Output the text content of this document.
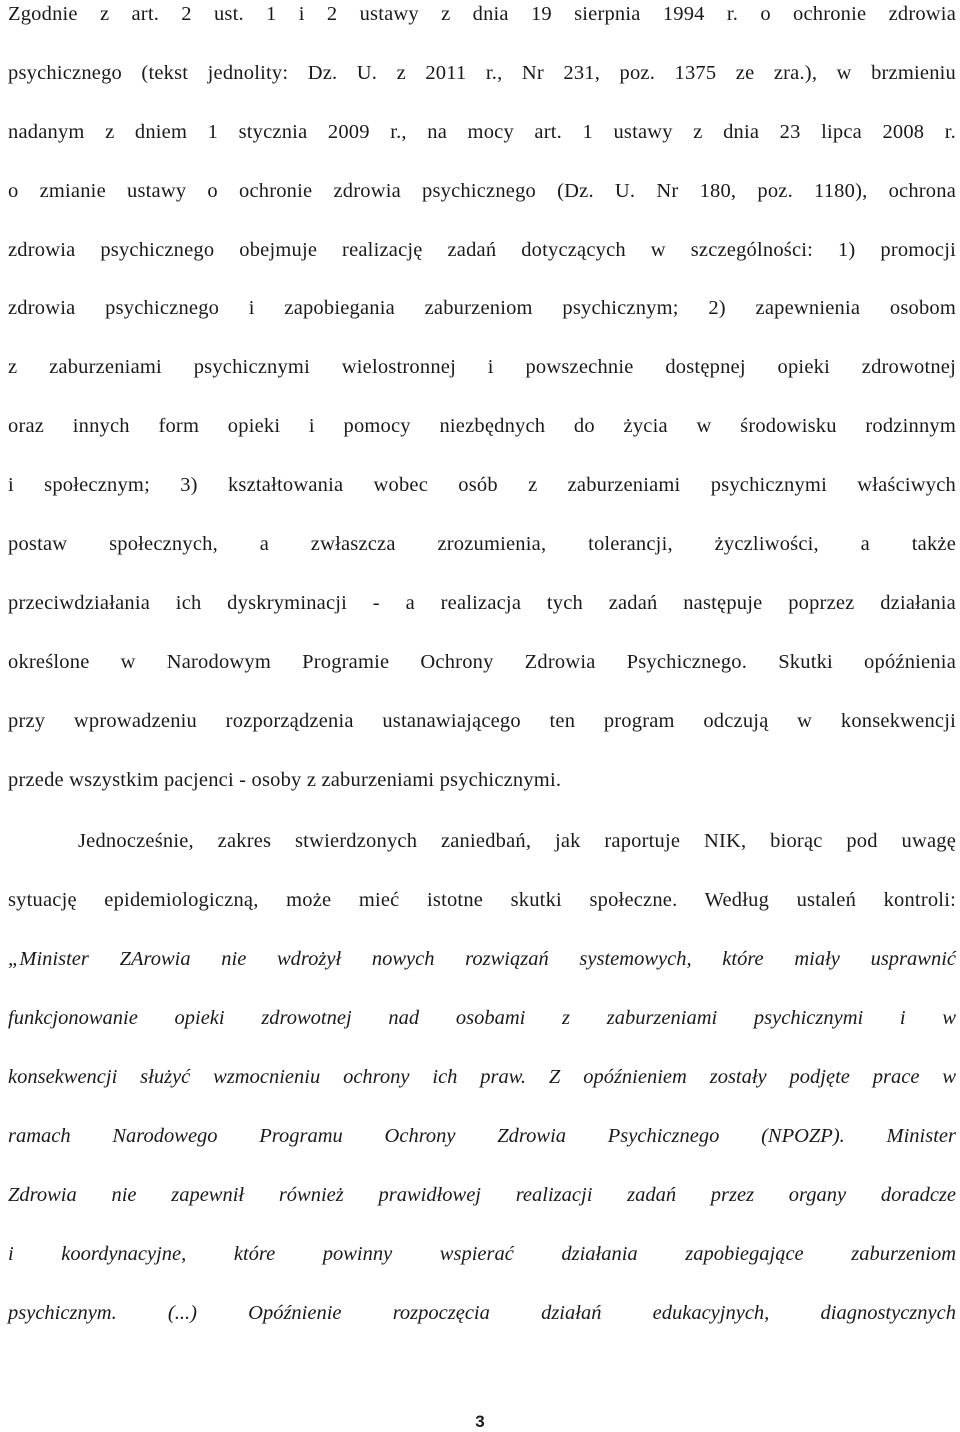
Zgodnie z art. 2 ust. 1 i 2 ustawy z dnia 19 sierpnia 1994 r. o ochronie zdrowia
psychicznego (tekst jednolity: Dz. U. z 2011 r., Nr 231, poz. 1375 ze zra.), w brzmieniu
nadanym z dniem 1 stycznia 2009 r., na mocy art. 1 ustawy z dnia 23 lipca 2008 r.
o zmianie ustawy o ochronie zdrowia psychicznego (Dz. U. Nr 180, poz. 1180), ochrona
zdrowia psychicznego obejmuje realizację zadań dotyczących w szczególności: 1) promocji
zdrowia psychicznego i zapobiegania zaburzeniom psychicznym; 2) zapewnienia osobom
z zaburzeniami psychicznymi wielostronnej i powszechnie dostępnej opieki zdrowotnej
oraz innych form opieki i pomocy niezbędnych do życia w środowisku rodzinnym
i społecznym; 3) kształtowania wobec osób z zaburzeniami psychicznymi właściwych
postaw społecznych, a zwłaszcza zrozumienia, tolerancji, życzliwości, a także
przeciwdziałania ich dyskryminacji - a realizacja tych zadań następuje poprzez działania
określone w Narodowym Programie Ochrony Zdrowia Psychicznego. Skutki opóźnienia
przy wprowadzeniu rozporządzenia ustanawiającego ten program odczują w konsekwencji
przede wszystkim pacjenci - osoby z zaburzeniami psychicznymi.
Jednocześnie, zakres stwierdzonych zaniedbań, jak raportuje NIK, biorąc pod uwagę
sytuację epidemiologiczną, może mieć istotne skutki społeczne. Według ustaleń kontroli:
„Minister ZArowia nie wdrożył nowych rozwiązań systemowych, które miały usprawnić
funkcjonowanie opieki zdrowotnej nad osobami z zaburzeniami psychicznymi i w
konsekwencji służyć wzmocnieniu ochrony ich praw. Z opóźnieniem zostały podjęte prace w
ramach Narodowego Programu Ochrony Zdrowia Psychicznego (NPOZP). Minister
Zdrowia nie zapewnił również prawidłowej realizacji zadań przez organy doradcze
i koordynacyjne, które powinny wspierać działania zapobiegające zaburzeniom
psychicznym. (...) Opóźnienie rozpoczęcia działań edukacyjnych, diagnostycznych
3
